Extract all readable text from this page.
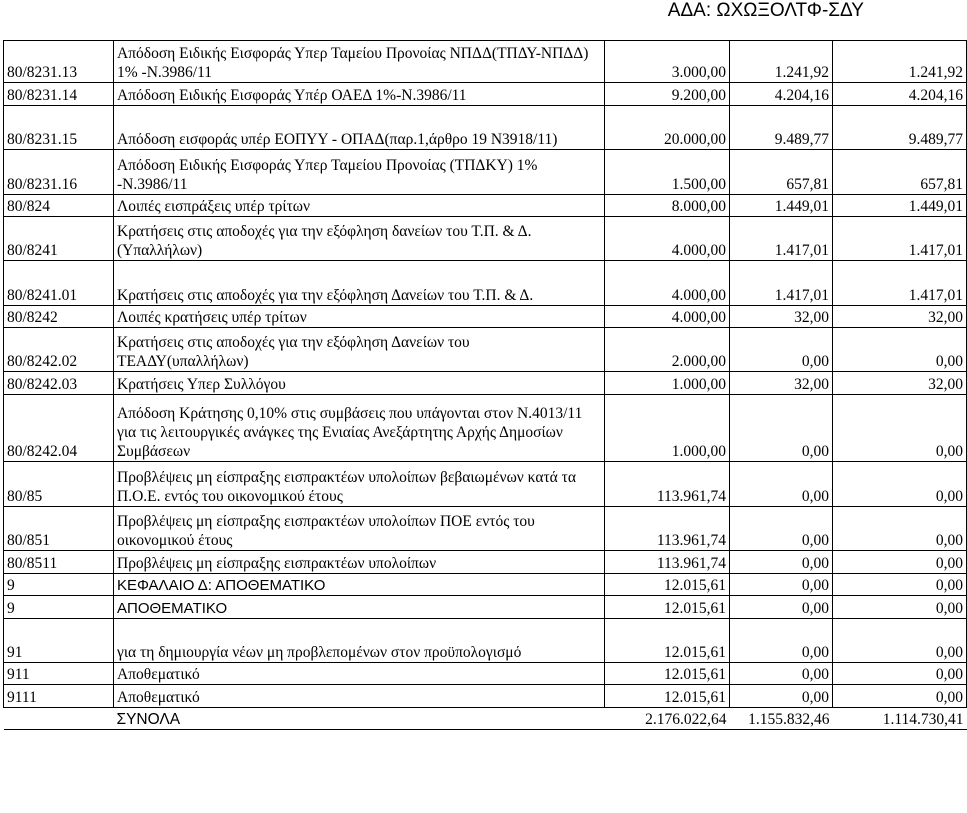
ΑΔΑ: ΩΧΩΞΟΛΤΦ-ΣΔΥ
80/8231.13	Απόδοση Ειδικής Εισφοράς Υπερ Ταμείου Προνοίας ΝΠΔΔ(ΤΠΔΥ-ΝΠΔΔ) 1% -Ν.3986/11	3.000,00	1.241,92	1.241,92
80/8231.14	Απόδοση Ειδικής Εισφοράς Υπέρ ΟΑΕΔ 1%-Ν.3986/11	9.200,00	4.204,16	4.204,16
80/8231.15	Απόδοση εισφοράς υπέρ ΕΟΠΥΥ - ΟΠΑΔ(παρ.1,άρθρο 19 Ν3918/11)	20.000,00	9.489,77	9.489,77
80/8231.16	Απόδοση Ειδικής Εισφοράς Υπερ Ταμείου Προνοίας (ΤΠΔΚΥ) 1% -Ν.3986/11	1.500,00	657,81	657,81
80/824	Λοιπές εισπράξεις υπέρ τρίτων	8.000,00	1.449,01	1.449,01
80/8241	Κρατήσεις στις αποδοχές για την εξόφληση δανείων του Τ.Π. & Δ. (Υπαλλήλων)	4.000,00	1.417,01	1.417,01
80/8241.01	Κρατήσεις στις αποδοχές για την εξόφληση Δανείων του Τ.Π. & Δ.	4.000,00	1.417,01	1.417,01
80/8242	Λοιπές κρατήσεις υπέρ τρίτων	4.000,00	32,00	32,00
80/8242.02	Κρατήσεις στις αποδοχές για την εξόφληση Δανείων του ΤΕΑΔΥ(υπαλλήλων)	2.000,00	0,00	0,00
80/8242.03	Κρατήσεις Υπερ Συλλόγου	1.000,00	32,00	32,00
80/8242.04	Απόδοση Κράτησης 0,10% στις συμβάσεις που υπάγονται στον Ν.4013/11 για τις λειτουργικές ανάγκες της Ενιαίας Ανεξάρτητης Αρχής Δημοσίων Συμβάσεων	1.000,00	0,00	0,00
80/85	Προβλέψεις μη είσπραξης εισπρακτέων υπολοίπων βεβαιωμένων κατά τα Π.Ο.Ε. εντός του οικονομικού έτους	113.961,74	0,00	0,00
80/851	Προβλέψεις μη είσπραξης εισπρακτέων υπολοίπων ΠΟΕ εντός του οικονομικού έτους	113.961,74	0,00	0,00
80/8511	Προβλέψεις μη είσπραξης εισπρακτέων υπολοίπων	113.961,74	0,00	0,00
9	ΚΕΦΑΛΑΙΟ Δ: ΑΠΟΘΕΜΑΤΙΚΟ	12.015,61	0,00	0,00
9	ΑΠΟΘΕΜΑΤΙΚΟ	12.015,61	0,00	0,00
91	για τη δημιουργία νέων μη προβλεπομένων στον προϋπολογισμό	12.015,61	0,00	0,00
911	Αποθεματικό	12.015,61	0,00	0,00
9111	Αποθεματικό	12.015,61	0,00	0,00
	ΣΥΝΟΛΑ	2.176.022,64	1.155.832,46	1.114.730,41
